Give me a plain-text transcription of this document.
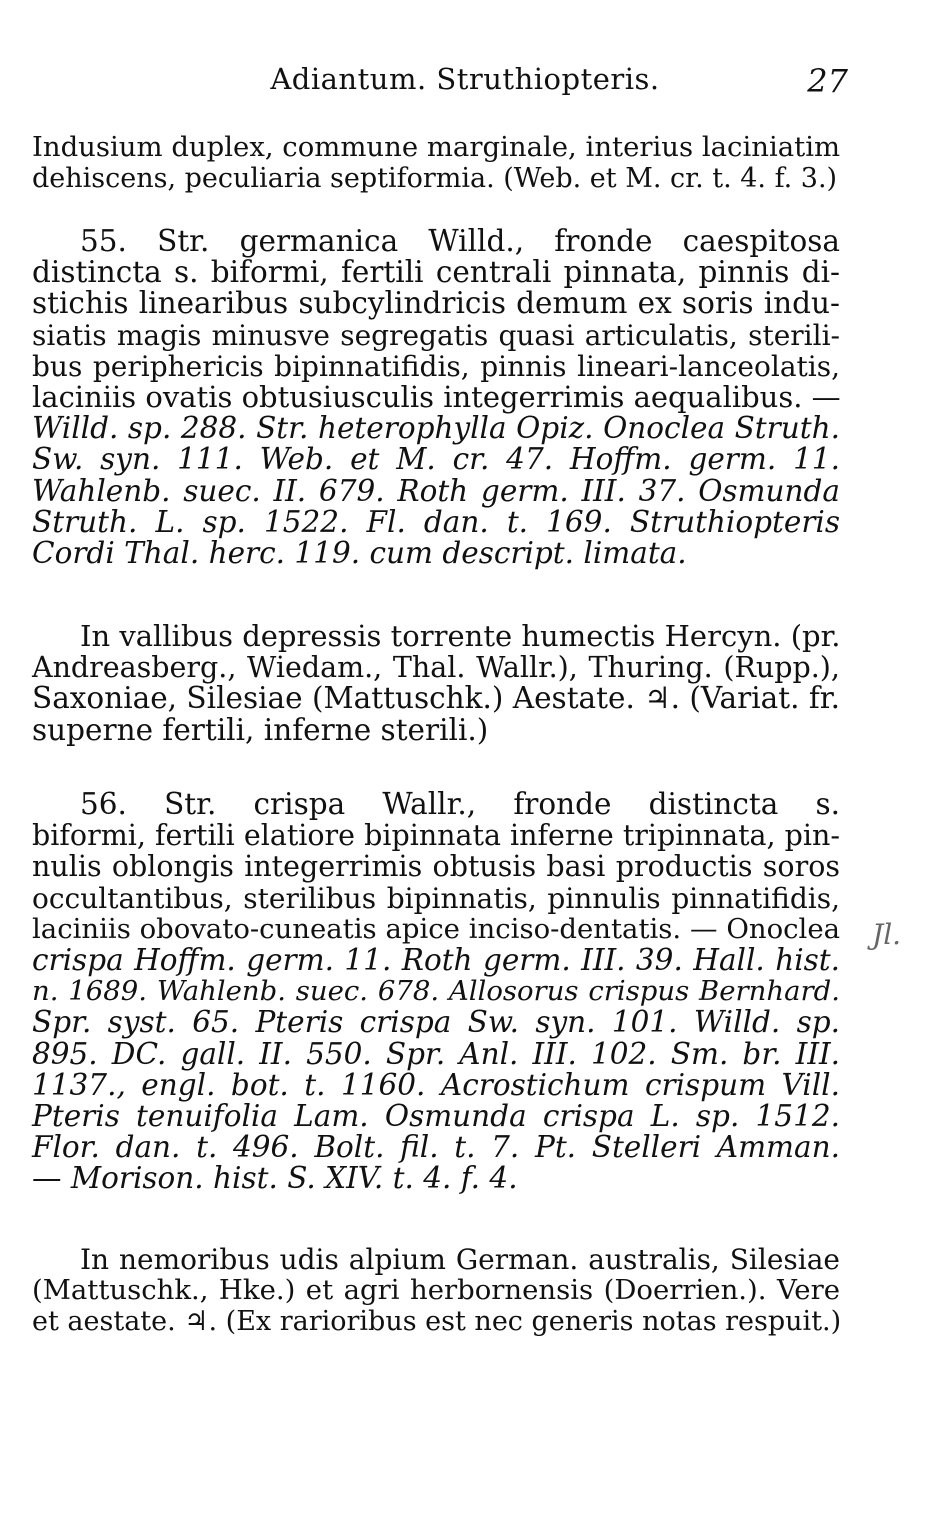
Adiantum. Struthiopteris.	27
Indusium duplex, commune marginale, interius laciniatim
dehiscens, peculiaria septiformia. (Web. et M. cr. t. 4. f. 3.)
55. Str. germanica Willd., fronde caespitosa
distincta s. biformi, fertili centrali pinnata, pinnis di-
stichis linearibus subcylindricis demum ex soris indu-
siatis magis minusve segregatis quasi articulatis, sterili-
bus periphericis bipinnatifidis, pinnis lineari-lanceolatis,
laciniis ovatis obtusiusculis integerrimis aequalibus. —
Willd. sp. 288. Str. heterophylla Opiz. Onoclea Struth.
Sw. syn. 111. Web. et M. cr. 47. Hoffm. germ. 11.
Wahlenb. suec. II. 679. Roth germ. III. 37. Osmunda
Struth. L. sp. 1522. Fl. dan. t. 169. Struthiopteris
Cordi Thal. herc. 119. cum descript. limata.
In vallibus depressis torrente humectis Hercyn. (pr.
Andreasberg., Wiedam., Thal. Wallr.), Thuring. (Rupp.),
Saxoniae, Silesiae (Mattuschk.) Aestate. ♃. (Variat. fr.
superne fertili, inferne sterili.)
56. Str. crispa Wallr., fronde distincta s.
biformi, fertili elatiore bipinnata inferne tripinnata, pin-
nulis oblongis integerrimis obtusis basi productis soros
occultantibus, sterilibus bipinnatis, pinnulis pinnatifidis,
laciniis obovato-cuneatis apice inciso-dentatis. — Onoclea
crispa Hoffm. germ. 11. Roth germ. III. 39. Hall. hist.
n. 1689. Wahlenb. suec. 678. Allosorus crispus Bernhard.
Spr. syst. 65. Pteris crispa Sw. syn. 101. Willd. sp.
895. DC. gall. II. 550. Spr. Anl. III. 102. Sm. br. III.
1137., engl. bot. t. 1160. Acrostichum crispum Vill.
Pteris tenuifolia Lam. Osmunda crispa L. sp. 1512.
Flor. dan. t. 496. Bolt. fil. t. 7. Pt. Stelleri Amman.
— Morison. hist. S. XIV. t. 4. f. 4.
In nemoribus udis alpium German. australis, Silesiae
(Mattuschk., Hke.) et agri herbornensis (Doerrien.). Vere
et aestate. ♃. (Ex rarioribus est nec generis notas respuit.)
Jl.
